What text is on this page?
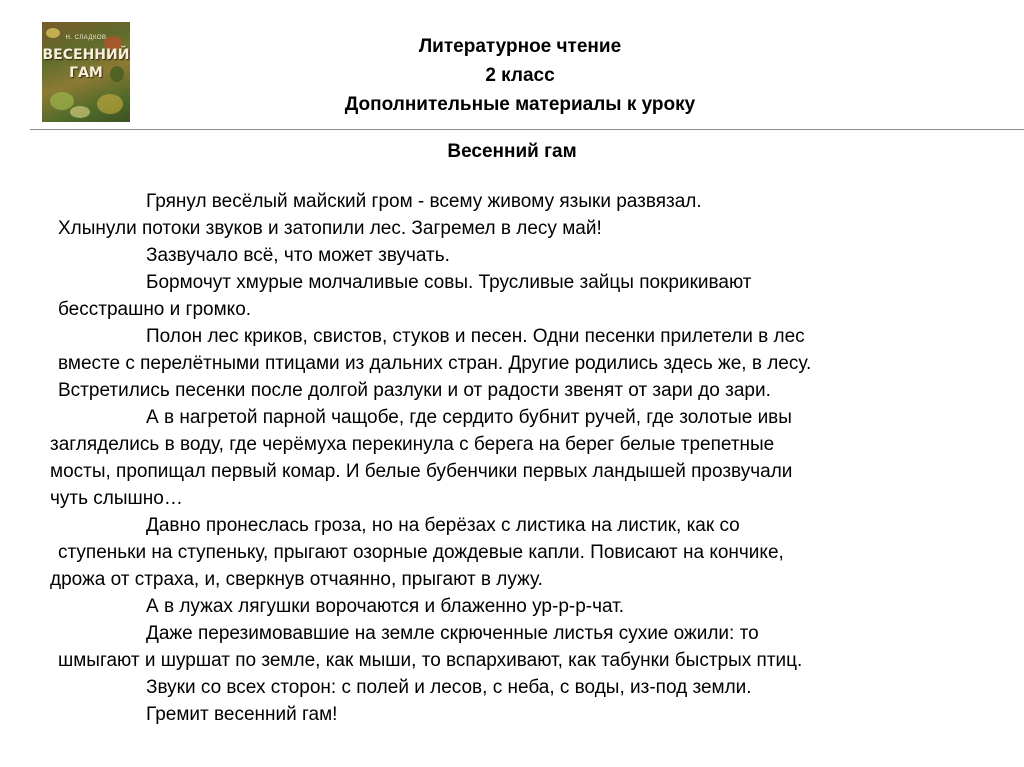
Н. СЛАДКОВ
ВЕСЕННИЙ
ГАМ
Литературное чтение
2 класс
Дополнительные материалы к уроку
Весенний гам
Грянул весёлый майский гром - всему живому языки развязал.
Хлынули потоки звуков и затопили лес. Загремел в лесу май!
Зазвучало всё, что может звучать.
Бормочут хмурые молчаливые совы. Трусливые зайцы покрикивают
бесстрашно и громко.
Полон лес криков, свистов, стуков и песен. Одни песенки прилетели в лес
вместе с перелётными птицами из дальних стран. Другие родились здесь же, в лесу.
Встретились песенки после долгой разлуки и от радости звенят от зари до зари.
А в нагретой парной чащобе, где сердито бубнит ручей, где золотые ивы
загляделись в воду, где черёмуха перекинула с берега на берег белые трепетные
мосты, пропищал первый комар. И белые бубенчики первых ландышей прозвучали
чуть слышно…
Давно пронеслась гроза, но на берёзах с листика на листик, как со
ступеньки на ступеньку, прыгают озорные дождевые капли. Повисают на кончике,
дрожа от страха, и, сверкнув отчаянно, прыгают в лужу.
А в лужах лягушки ворочаются и блаженно ур-р-р-чат.
Даже перезимовавшие на земле скрюченные листья сухие ожили: то
шмыгают и шуршат по земле, как мыши, то вспархивают, как табунки быстрых птиц.
Звуки со всех сторон: с полей и лесов, с неба, с воды, из-под земли.
Гремит весенний гам!
